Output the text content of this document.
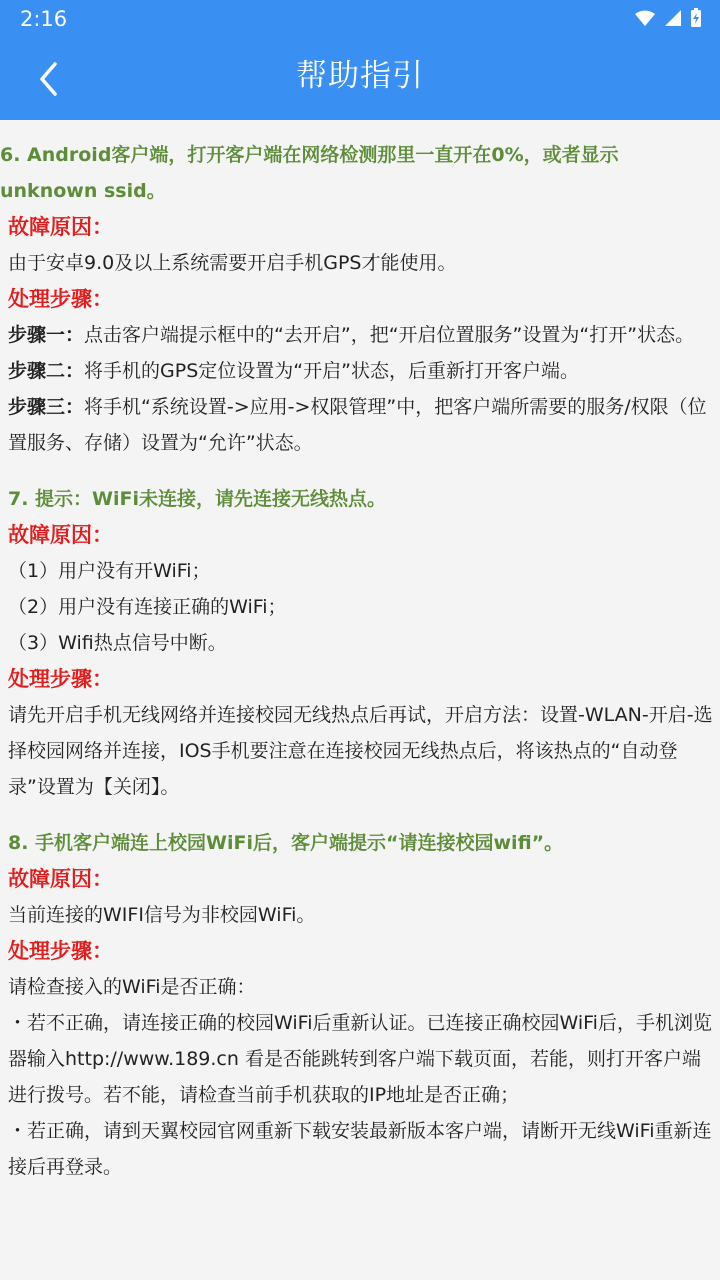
2:16
帮助指引
6. Android客户端，打开客户端在网络检测那里一直开在0%，或者显示unknown ssid。
故障原因：
由于安卓9.0及以上系统需要开启手机GPS才能使用。
处理步骤：
步骤一：点击客户端提示框中的“去开启”，把“开启位置服务”设置为“打开”状态。
步骤二：将手机的GPS定位设置为“开启”状态，后重新打开客户端。
步骤三：将手机“系统设置->应用->权限管理”中，把客户端所需要的服务/权限（位置服务、存储）设置为“允许”状态。
7. 提示：WiFi未连接，请先连接无线热点。
故障原因：
（1）用户没有开WiFi；
（2）用户没有连接正确的WiFi；
（3）Wifi热点信号中断。
处理步骤：
请先开启手机无线网络并连接校园无线热点后再试，开启方法：设置-WLAN-开启-选择校园网络并连接，IOS手机要注意在连接校园无线热点后，将该热点的“自动登录”设置为【关闭】。
8. 手机客户端连上校园WiFi后，客户端提示“请连接校园wifi”。
故障原因：
当前连接的WIFI信号为非校园WiFi。
处理步骤：
请检查接入的WiFi是否正确：
・若不正确，请连接正确的校园WiFi后重新认证。已连接正确校园WiFi后，手机浏览器输入http://www.189.cn 看是否能跳转到客户端下载页面，若能，则打开客户端进行拨号。若不能，请检查当前手机获取的IP地址是否正确；
・若正确，请到天翼校园官网重新下载安装最新版本客户端，请断开无线WiFi重新连接后再登录。
